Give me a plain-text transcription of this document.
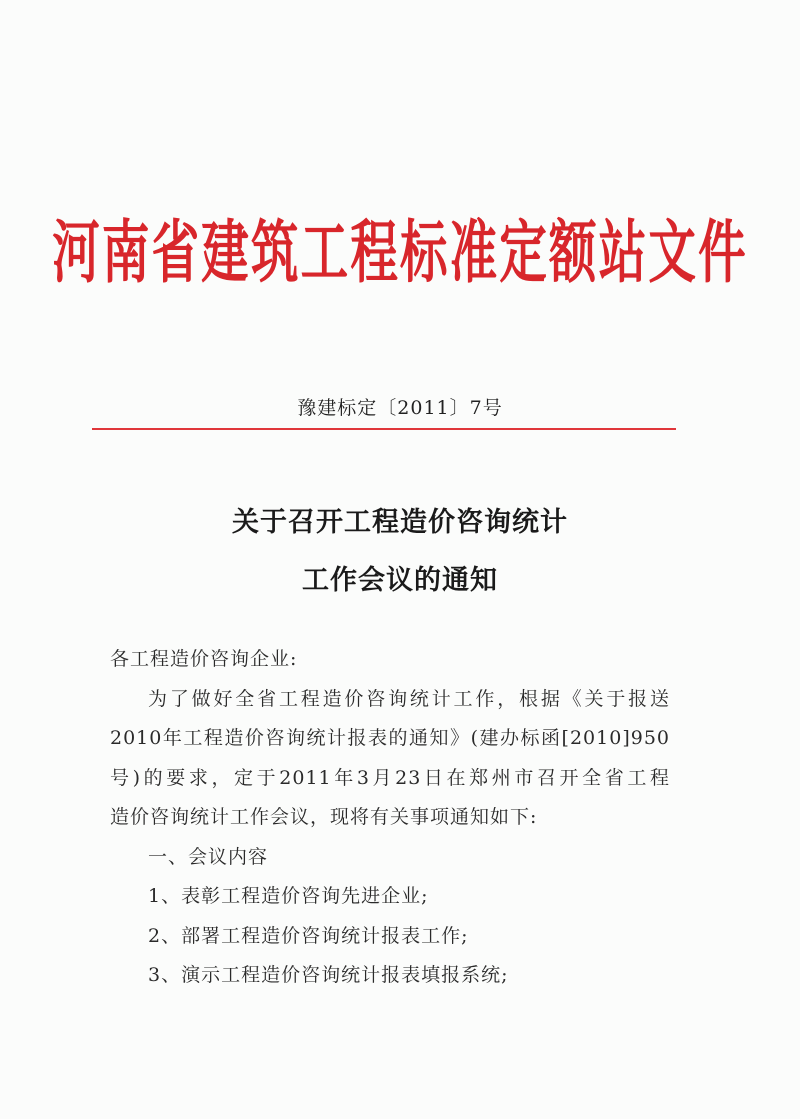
河南省建筑工程标准定额站文件
豫建标定〔2011〕7号
关于召开工程造价咨询统计
工作会议的通知
各工程造价咨询企业:
为了做好全省工程造价咨询统计工作，根据《关于报送
2010年工程造价咨询统计报表的通知》(建办标函[2010]950
号)的要求，定于2011年3月23日在郑州市召开全省工程
造价咨询统计工作会议，现将有关事项通知如下:
一、会议内容
1、表彰工程造价咨询先进企业;
2、部署工程造价咨询统计报表工作;
3、演示工程造价咨询统计报表填报系统;
